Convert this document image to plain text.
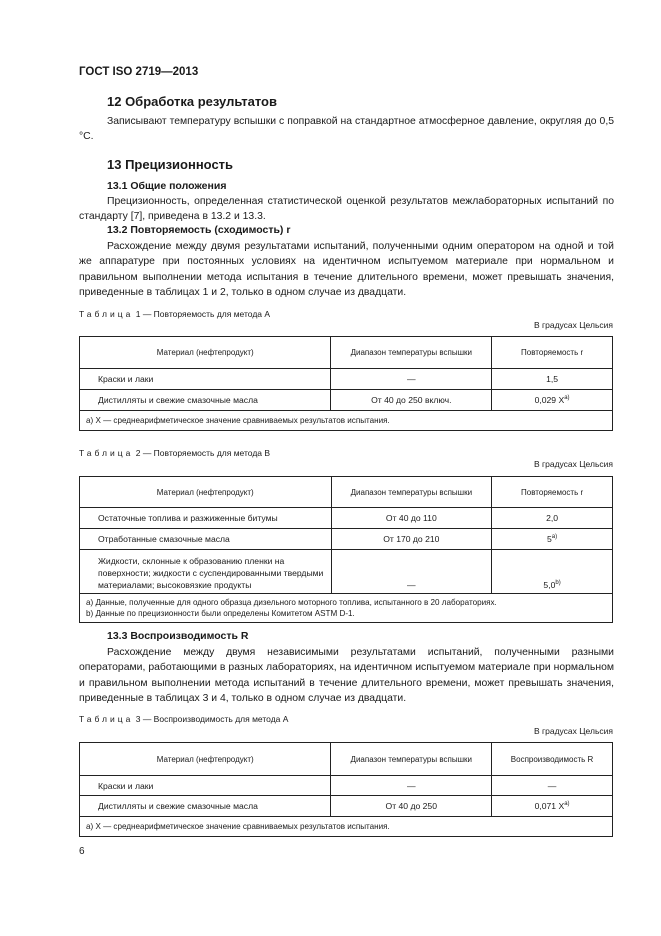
ГОСТ ISO 2719—2013
12 Обработка результатов
Записывают температуру вспышки с поправкой на стандартное атмосферное давление, округляя до 0,5 °C.
13 Прецизионность
13.1 Общие положения
Прецизионность, определенная статистической оценкой результатов межлабораторных испытаний по стандарту [7], приведена в 13.2 и 13.3.
13.2 Повторяемость (сходимость) r
Расхождение между двумя результатами испытаний, полученными одним оператором на одной и той же аппаратуре при постоянных условиях на идентичном испытуемом материале при нормальном и правильном выполнении метода испытания в течение длительного времени, может превышать значения, приведенные в таблицах 1 и 2, только в одном случае из двадцати.
Таблица 1 — Повторяемость для метода А
В градусах Цельсия
Материал (нефтепродукт)	Диапазон температуры вспышки	Повторяемость r
Краски и лаки	—	1,5
Дистилляты и свежие смазочные масла	От 40 до 250 включ.	0,029 $X^{a)}$
a) X — среднеарифметическое значение сравниваемых результатов испытания.		
Таблица 2 — Повторяемость для метода В
В градусах Цельсия
Материал (нефтепродукт)	Диапазон температуры вспышки	Повторяемость r
Остаточные топлива и разжиженные битумы	От 40 до 110	2,0
Отработанные смазочные масла	От 170 до 210	5$^{a)}$
Жидкости, склонные к образованию пленки на поверхности; жидкости с суспендированными твердыми материалами; высоковязкие продукты	—	5,0$^{b)}$

a) Данные, полученные для одного образца дизельного моторного топлива, испытанного в 20 лабораториях.
b) Данные по прецизионности были определены Комитетом ASTM D-1.		
13.3 Воспроизводимость R
Расхождение между двумя независимыми результатами испытаний, полученными разными операторами, работающими в разных лабораториях, на идентичном испытуемом материале при нормальном и правильном выполнении метода испытаний в течение длительного времени, может превышать значения, приведенные в таблицах 3 и 4, только в одном случае из двадцати.
Таблица 3 — Воспроизводимость для метода А
В градусах Цельсия
Материал (нефтепродукт)	Диапазон температуры вспышки	Воспроизводимость R
Краски и лаки	—	—
Дистилляты и свежие смазочные масла	От 40 до 250	0,071 $X^{a)}$
a) X — среднеарифметическое значение сравниваемых результатов испытания.		
6
